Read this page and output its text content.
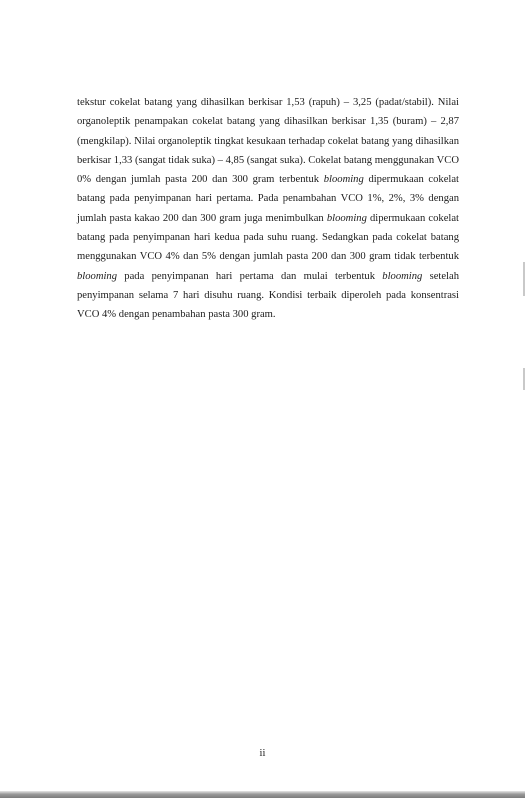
tekstur cokelat batang yang dihasilkan berkisar 1,53 (rapuh) – 3,25 (padat/stabil). Nilai organoleptik penampakan cokelat batang yang dihasilkan berkisar 1,35 (buram) – 2,87 (mengkilap). Nilai organoleptik tingkat kesukaan terhadap cokelat batang yang dihasilkan berkisar 1,33 (sangat tidak suka) – 4,85 (sangat suka). Cokelat batang menggunakan VCO 0% dengan jumlah pasta 200 dan 300 gram terbentuk blooming dipermukaan cokelat batang pada penyimpanan hari pertama. Pada penambahan VCO 1%, 2%, 3% dengan jumlah pasta kakao 200 dan 300 gram juga menimbulkan blooming dipermukaan cokelat batang pada penyimpanan hari kedua pada suhu ruang. Sedangkan pada cokelat batang menggunakan VCO 4% dan 5% dengan jumlah pasta 200 dan 300 gram tidak terbentuk blooming pada penyimpanan hari pertama dan mulai terbentuk blooming setelah penyimpanan selama 7 hari disuhu ruang. Kondisi terbaik diperoleh pada konsentrasi VCO 4% dengan penambahan pasta 300 gram.

ii
